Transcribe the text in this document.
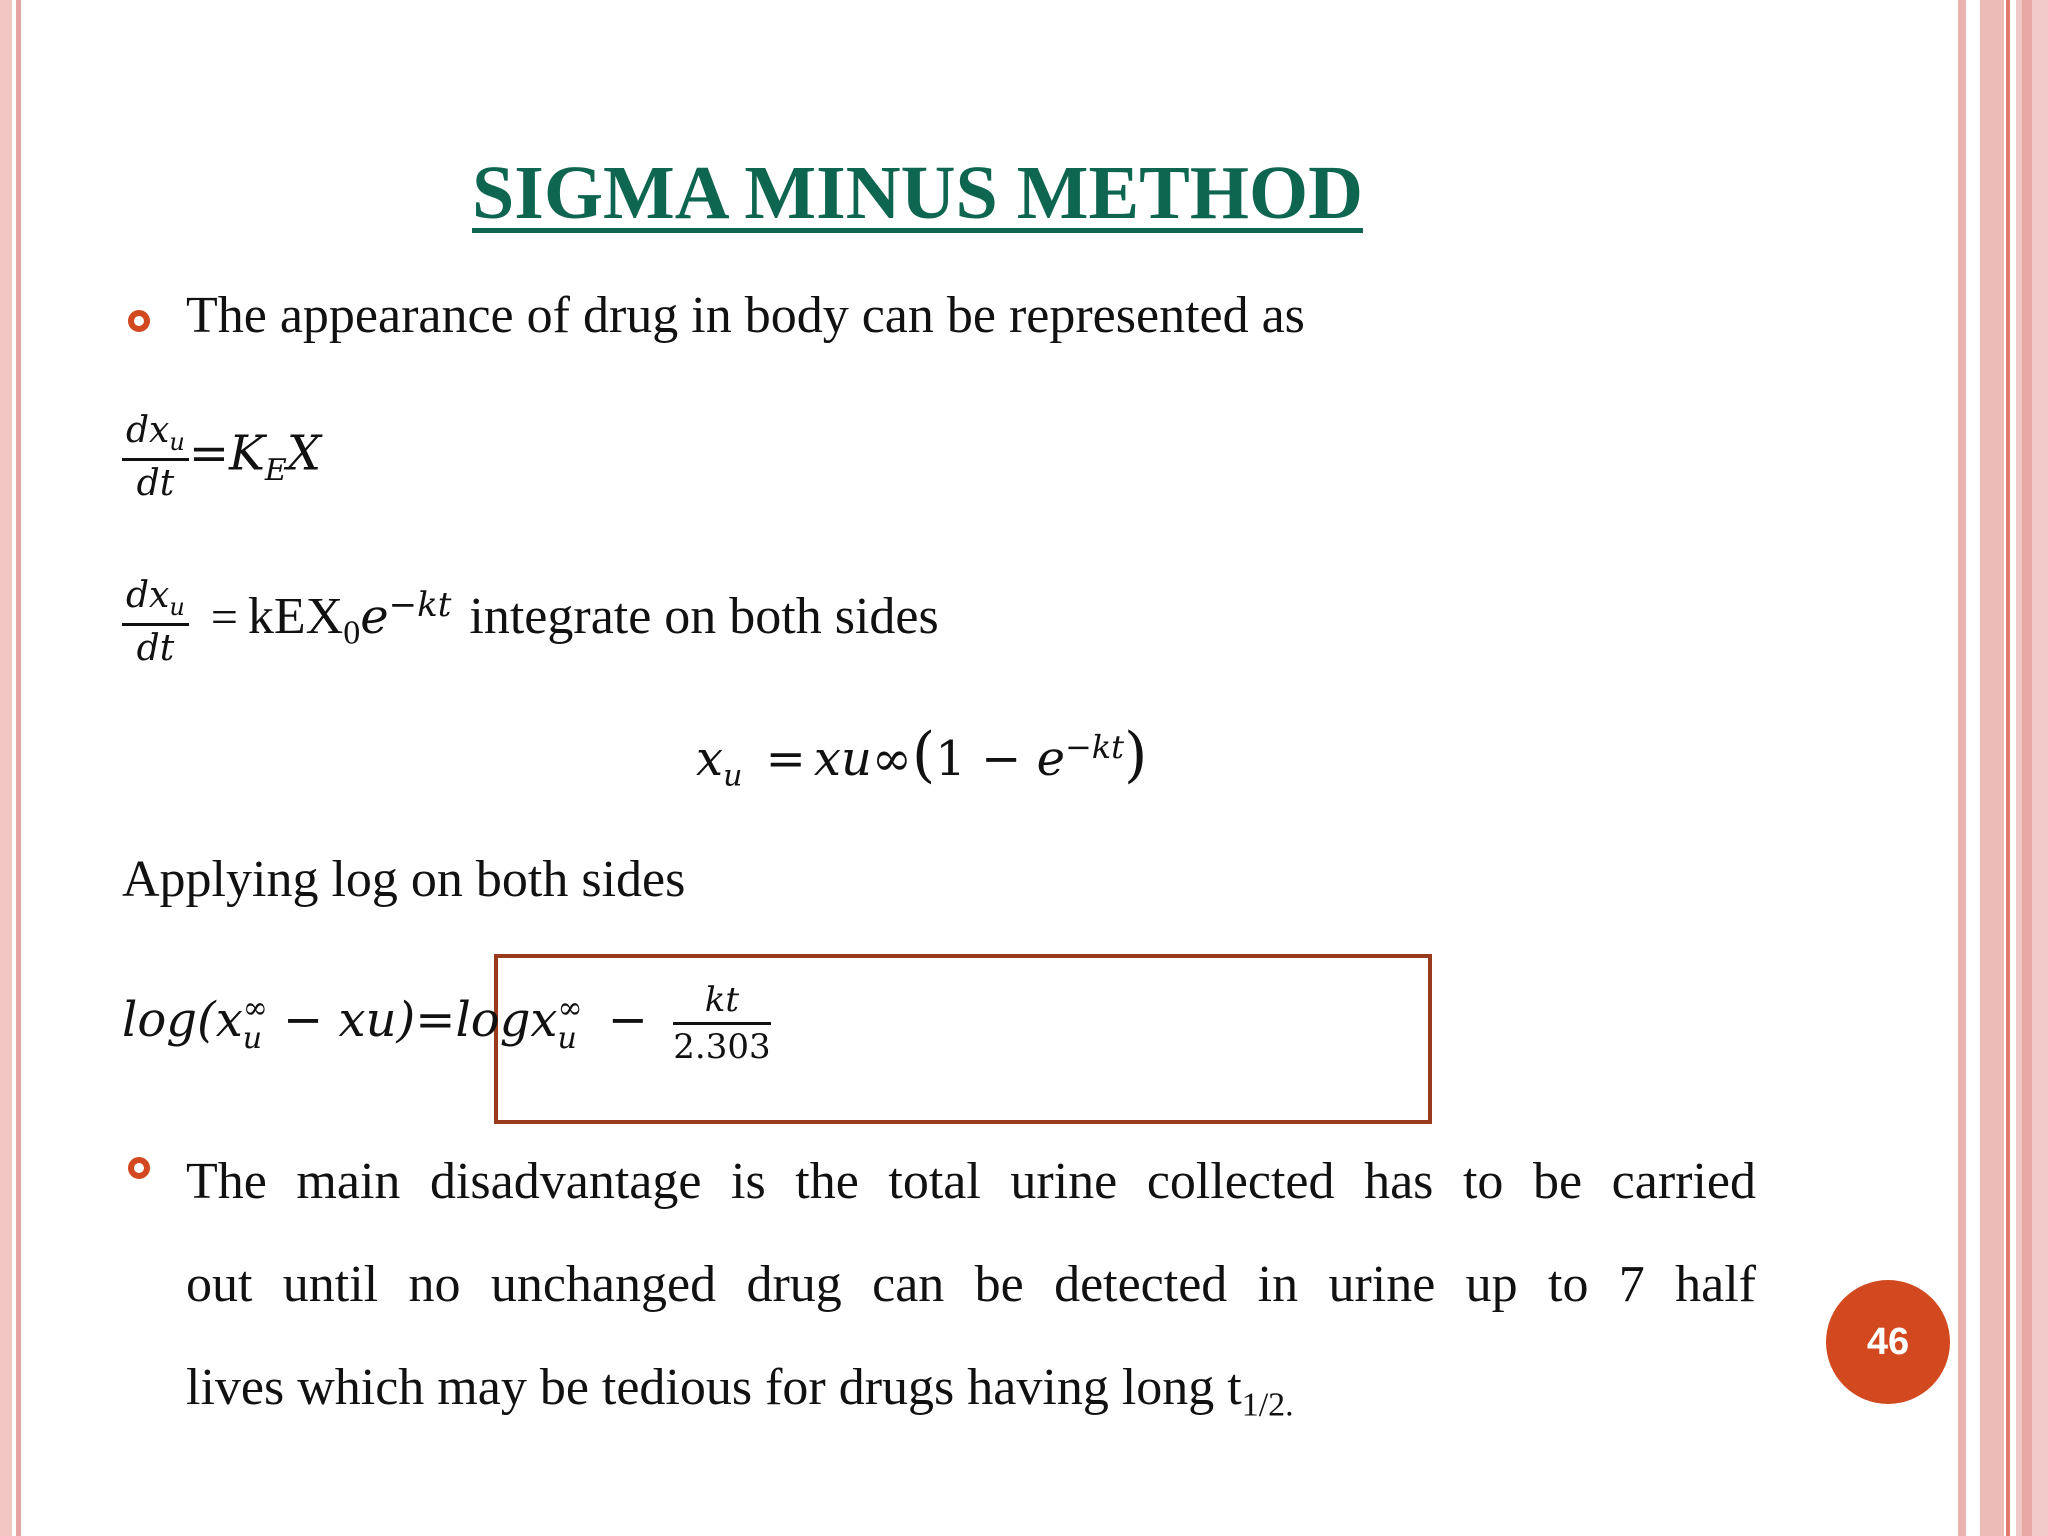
SIGMA MINUS METHOD
The appearance of drug in body can be represented as
$\frac{dx_u}{dt} =K_EX$
$\frac{dx_u}{dt} = kEX_0e^{-kt}$ integrate on both sides
$x_u = xu\infty(1 - e^{-kt})$
Applying log on both sides
log(x ∞
u − xu)=logx ∞
$u - \frac{kt}{2.303}$
The main disadvantage is the total urine collected has to be carried
out until no unchanged drug can be detected in urine up to 7 half
lives which may be tedious for drugs having long $t_{1/2.}$
46
